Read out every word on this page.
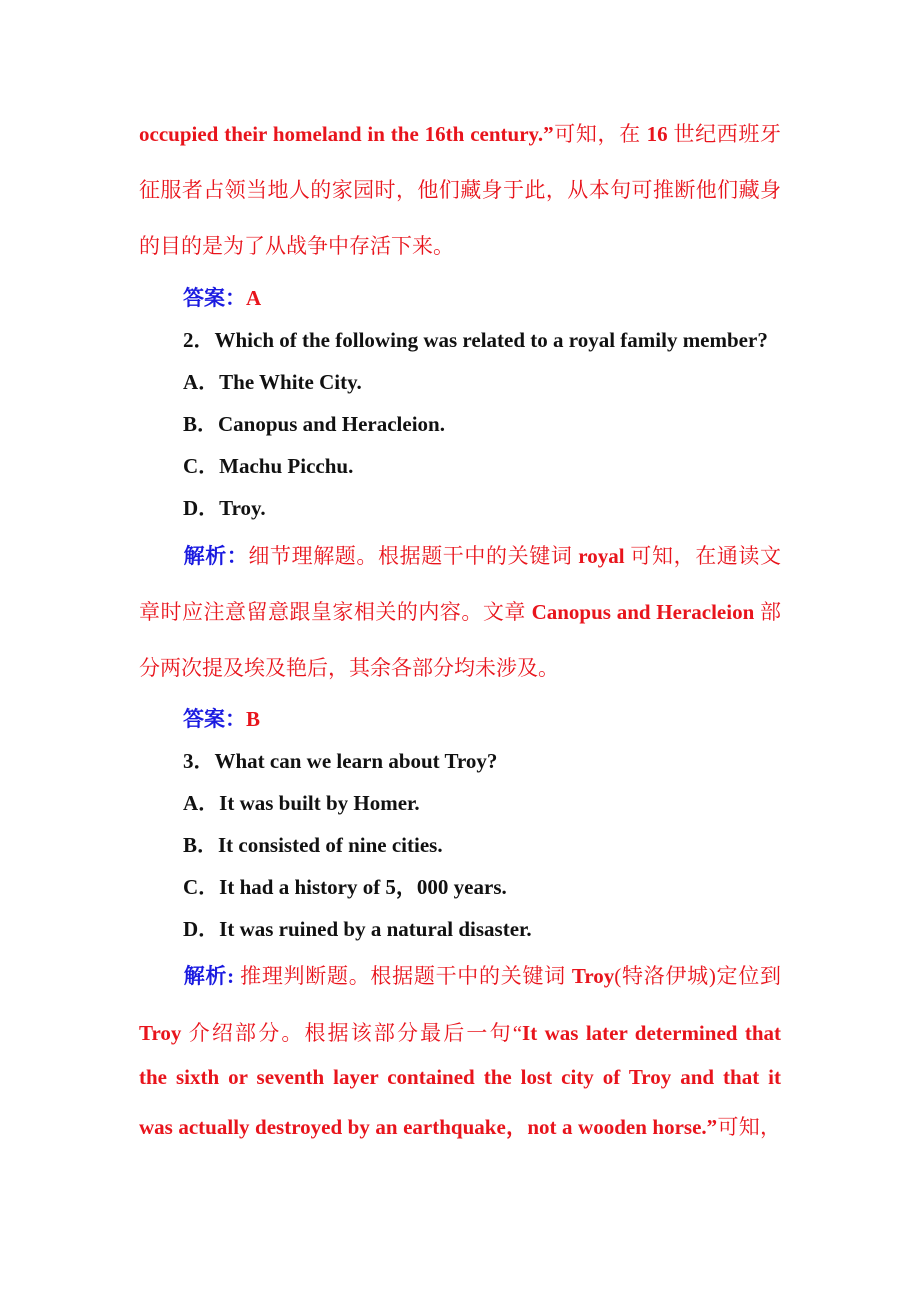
occupied their homeland in the 16th century.”可知，在 16 世纪西班牙
征服者占领当地人的家园时，他们藏身于此，从本句可推断他们藏身
的目的是为了从战争中存活下来。
答案：A
2．Which of the following was related to a royal family member?
A．The White City.
B．Canopus and Heracleion.
C．Machu Picchu.
D．Troy.
解析：细节理解题。根据题干中的关键词 royal 可知，在通读文
章时应注意留意跟皇家相关的内容。文章 Canopus and Heracleion 部
分两次提及埃及艳后，其余各部分均未涉及。
答案：B
3．What can we learn about Troy?
A．It was built by Homer.
B．It consisted of nine cities.
C．It had a history of 5，000 years.
D．It was ruined by a natural disaster.
解析: 推理判断题。根据题干中的关键词 Troy(特洛伊城)定位到
Troy 介绍部分。根据该部分最后一句“It was later determined that
the sixth or seventh layer contained the lost city of Troy and that it
was actually destroyed by an earthquake，not a wooden horse.”可知，
